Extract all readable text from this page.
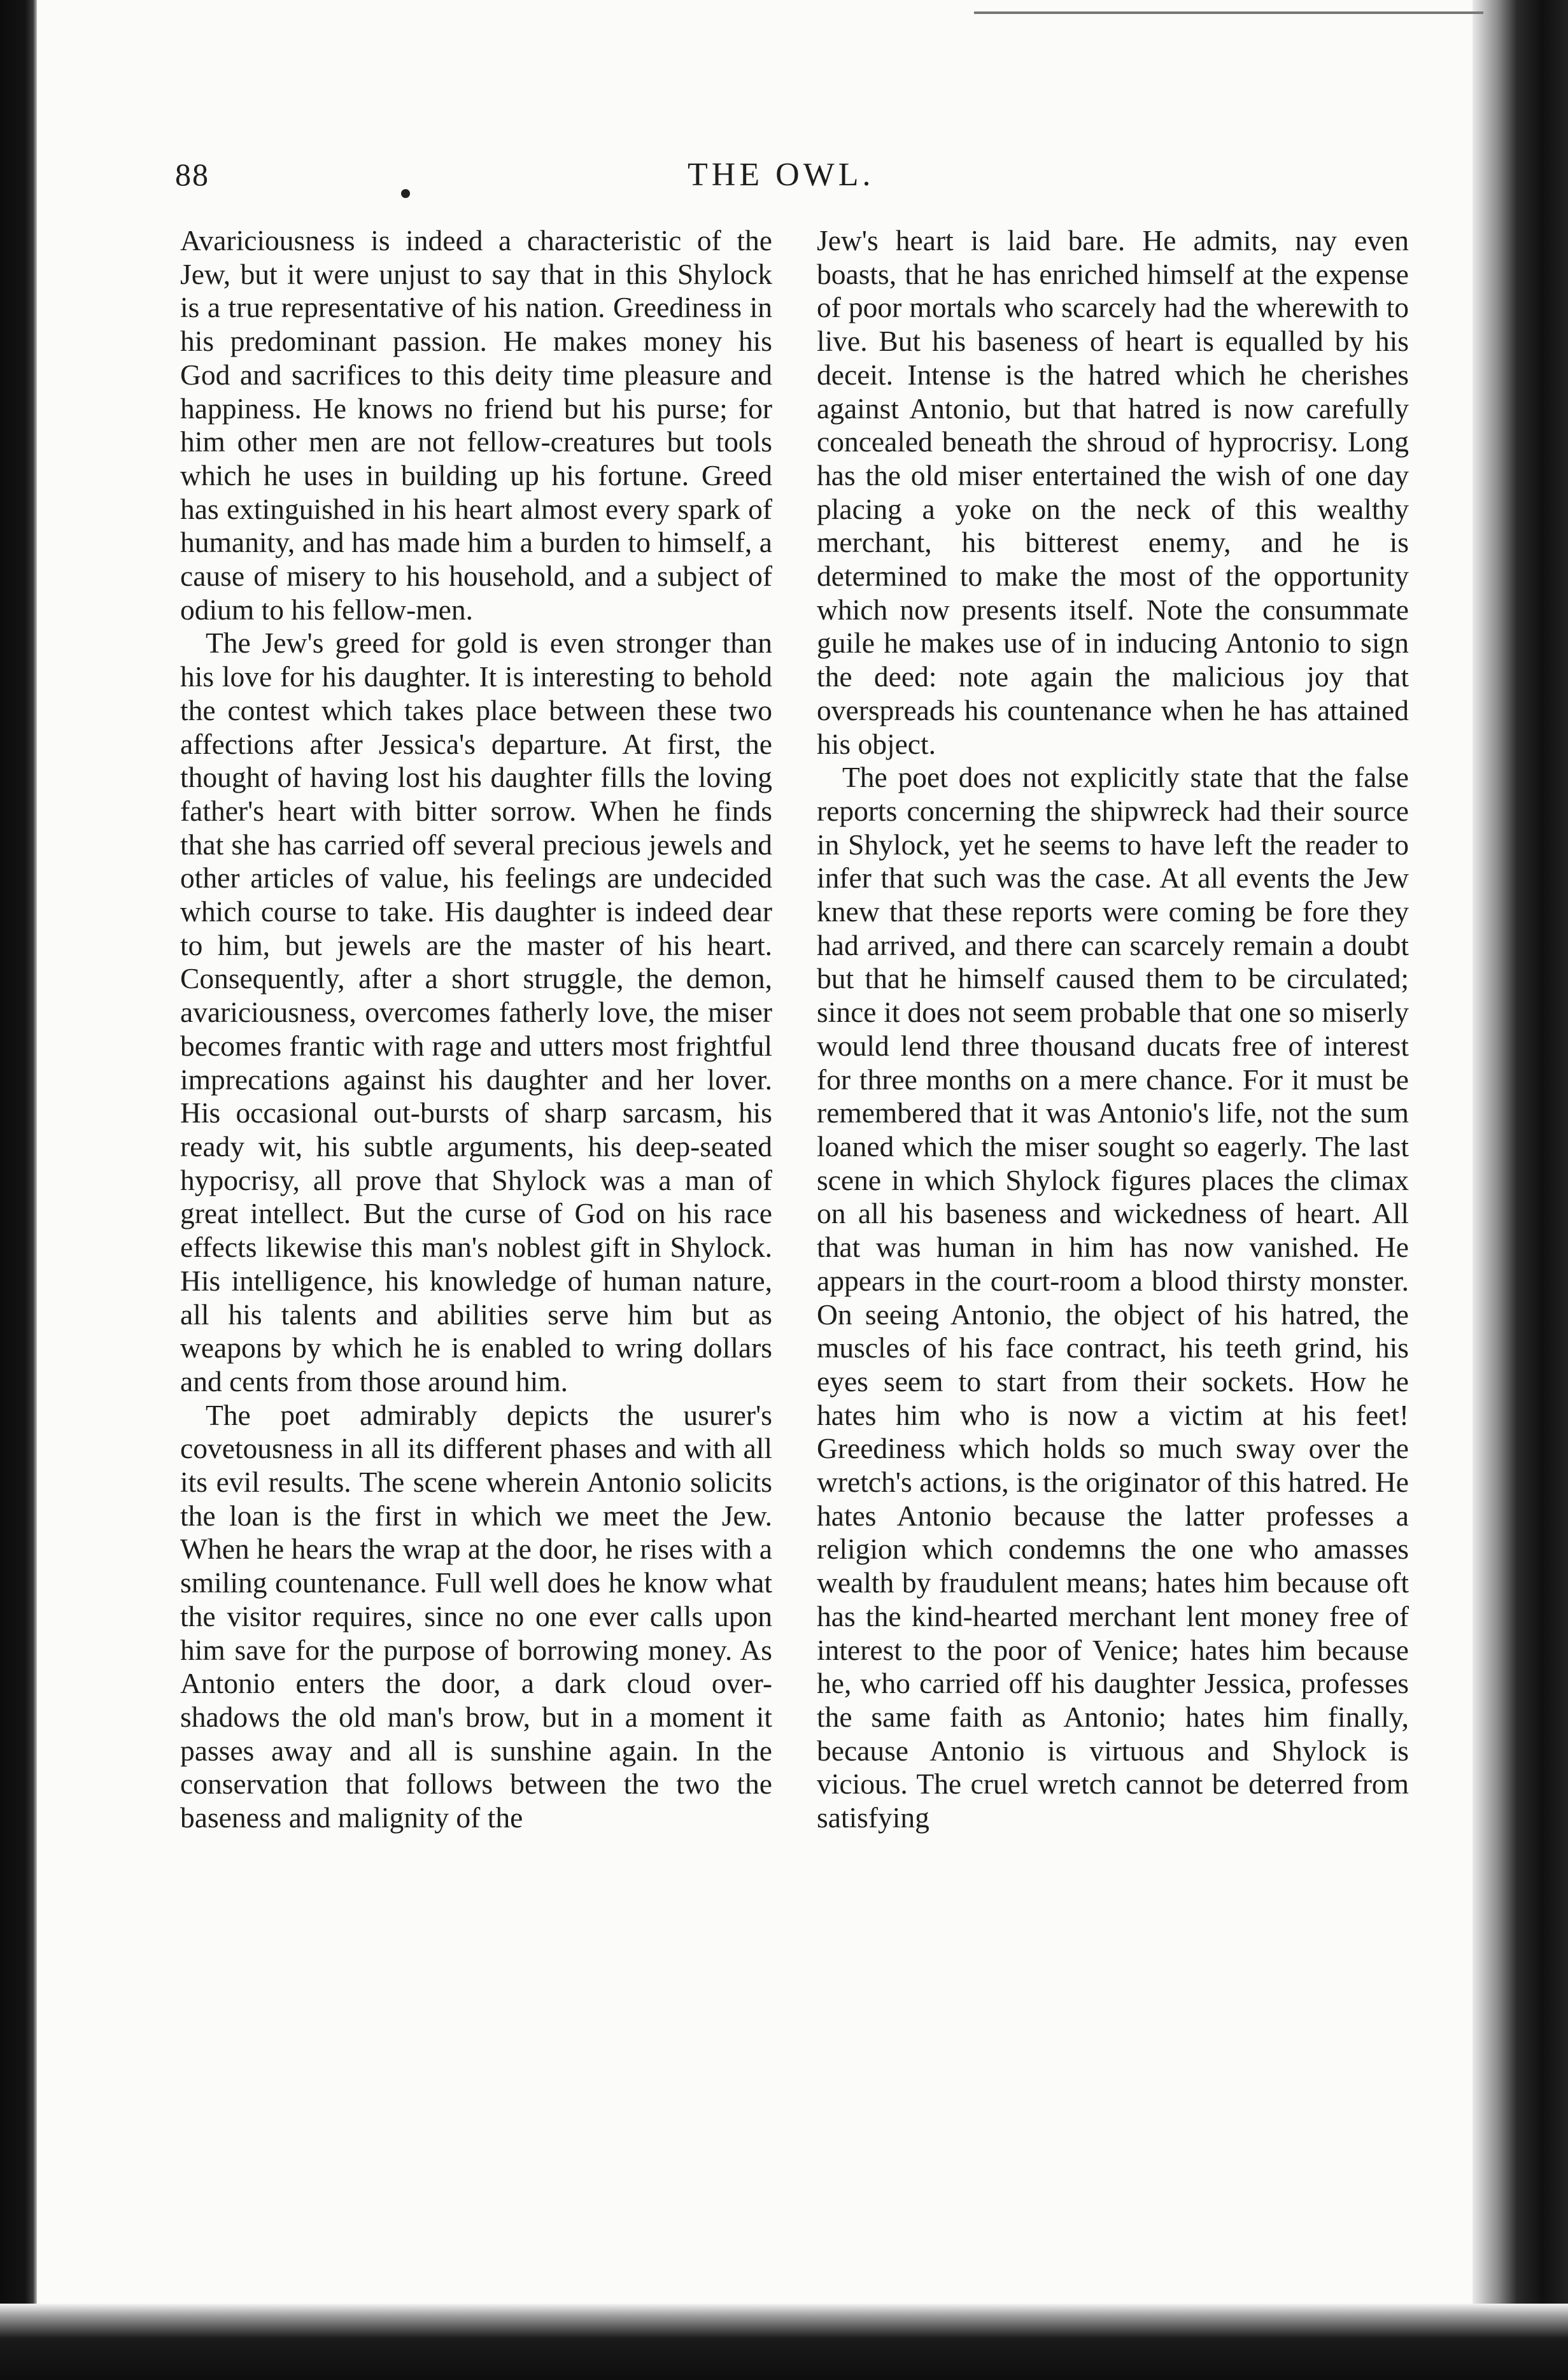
88	THE OWL.

Avariciousness is indeed a characteristic of the Jew, but it were unjust to say that in this Shylock is a true representative of his nation. Greediness in his predominant passion. He makes money his God and sacrifices to this deity time pleasure and happiness. He knows no friend but his purse; for him other men are not fellow-creatures but tools which he uses in building up his fortune. Greed has extinguished in his heart almost every spark of humanity, and has made him a burden to himself, a cause of misery to his household, and a subject of odium to his fellow-men.

The Jew's greed for gold is even stronger than his love for his daughter. It is interesting to behold the contest which takes place between these two affections after Jessica's departure. At first, the thought of having lost his daughter fills the loving father's heart with bitter sorrow. When he finds that she has carried off several precious jewels and other articles of value, his feelings are undecided which course to take. His daughter is indeed dear to him, but jewels are the master of his heart. Consequently, after a short struggle, the demon, avariciousness, overcomes fatherly love, the miser becomes frantic with rage and utters most frightful imprecations against his daughter and her lover. His occasional out-bursts of sharp sarcasm, his ready wit, his subtle arguments, his deep-seated hypocrisy, all prove that Shylock was a man of great intellect. But the curse of God on his race effects likewise this man's noblest gift in Shylock. His intelligence, his knowledge of human nature, all his talents and abilities serve him but as weapons by which he is enabled to wring dollars and cents from those around him.

The poet admirably depicts the usurer's covetousness in all its different phases and with all its evil results. The scene wherein Antonio solicits the loan is the first in which we meet the Jew. When he hears the wrap at the door, he rises with a smiling countenance. Full well does he know what the visitor requires, since no one ever calls upon him save for the purpose of borrowing money. As Antonio enters the door, a dark cloud over-shadows the old man's brow, but in a moment it passes away and all is sunshine again. In the conservation that follows between the two the baseness and malignity of the

Jew's heart is laid bare. He admits, nay even boasts, that he has enriched himself at the expense of poor mortals who scarcely had the wherewith to live. But his baseness of heart is equalled by his deceit. Intense is the hatred which he cherishes against Antonio, but that hatred is now carefully concealed beneath the shroud of hyprocrisy. Long has the old miser entertained the wish of one day placing a yoke on the neck of this wealthy merchant, his bitterest enemy, and he is determined to make the most of the opportunity which now presents itself. Note the consummate guile he makes use of in inducing Antonio to sign the deed: note again the malicious joy that overspreads his countenance when he has attained his object.

The poet does not explicitly state that the false reports concerning the shipwreck had their source in Shylock, yet he seems to have left the reader to infer that such was the case. At all events the Jew knew that these reports were coming be fore they had arrived, and there can scarcely remain a doubt but that he himself caused them to be circulated; since it does not seem probable that one so miserly would lend three thousand ducats free of interest for three months on a mere chance. For it must be remembered that it was Antonio's life, not the sum loaned which the miser sought so eagerly. The last scene in which Shylock figures places the climax on all his baseness and wickedness of heart. All that was human in him has now vanished. He appears in the court-room a blood thirsty monster. On seeing Antonio, the object of his hatred, the muscles of his face contract, his teeth grind, his eyes seem to start from their sockets. How he hates him who is now a victim at his feet! Greediness which holds so much sway over the wretch's actions, is the originator of this hatred. He hates Antonio because the latter professes a religion which condemns the one who amasses wealth by fraudulent means; hates him because oft has the kind-hearted merchant lent money free of interest to the poor of Venice; hates him because he, who carried off his daughter Jessica, professes the same faith as Antonio; hates him finally, because Antonio is virtuous and Shylock is vicious. The cruel wretch cannot be deterred from satisfying
